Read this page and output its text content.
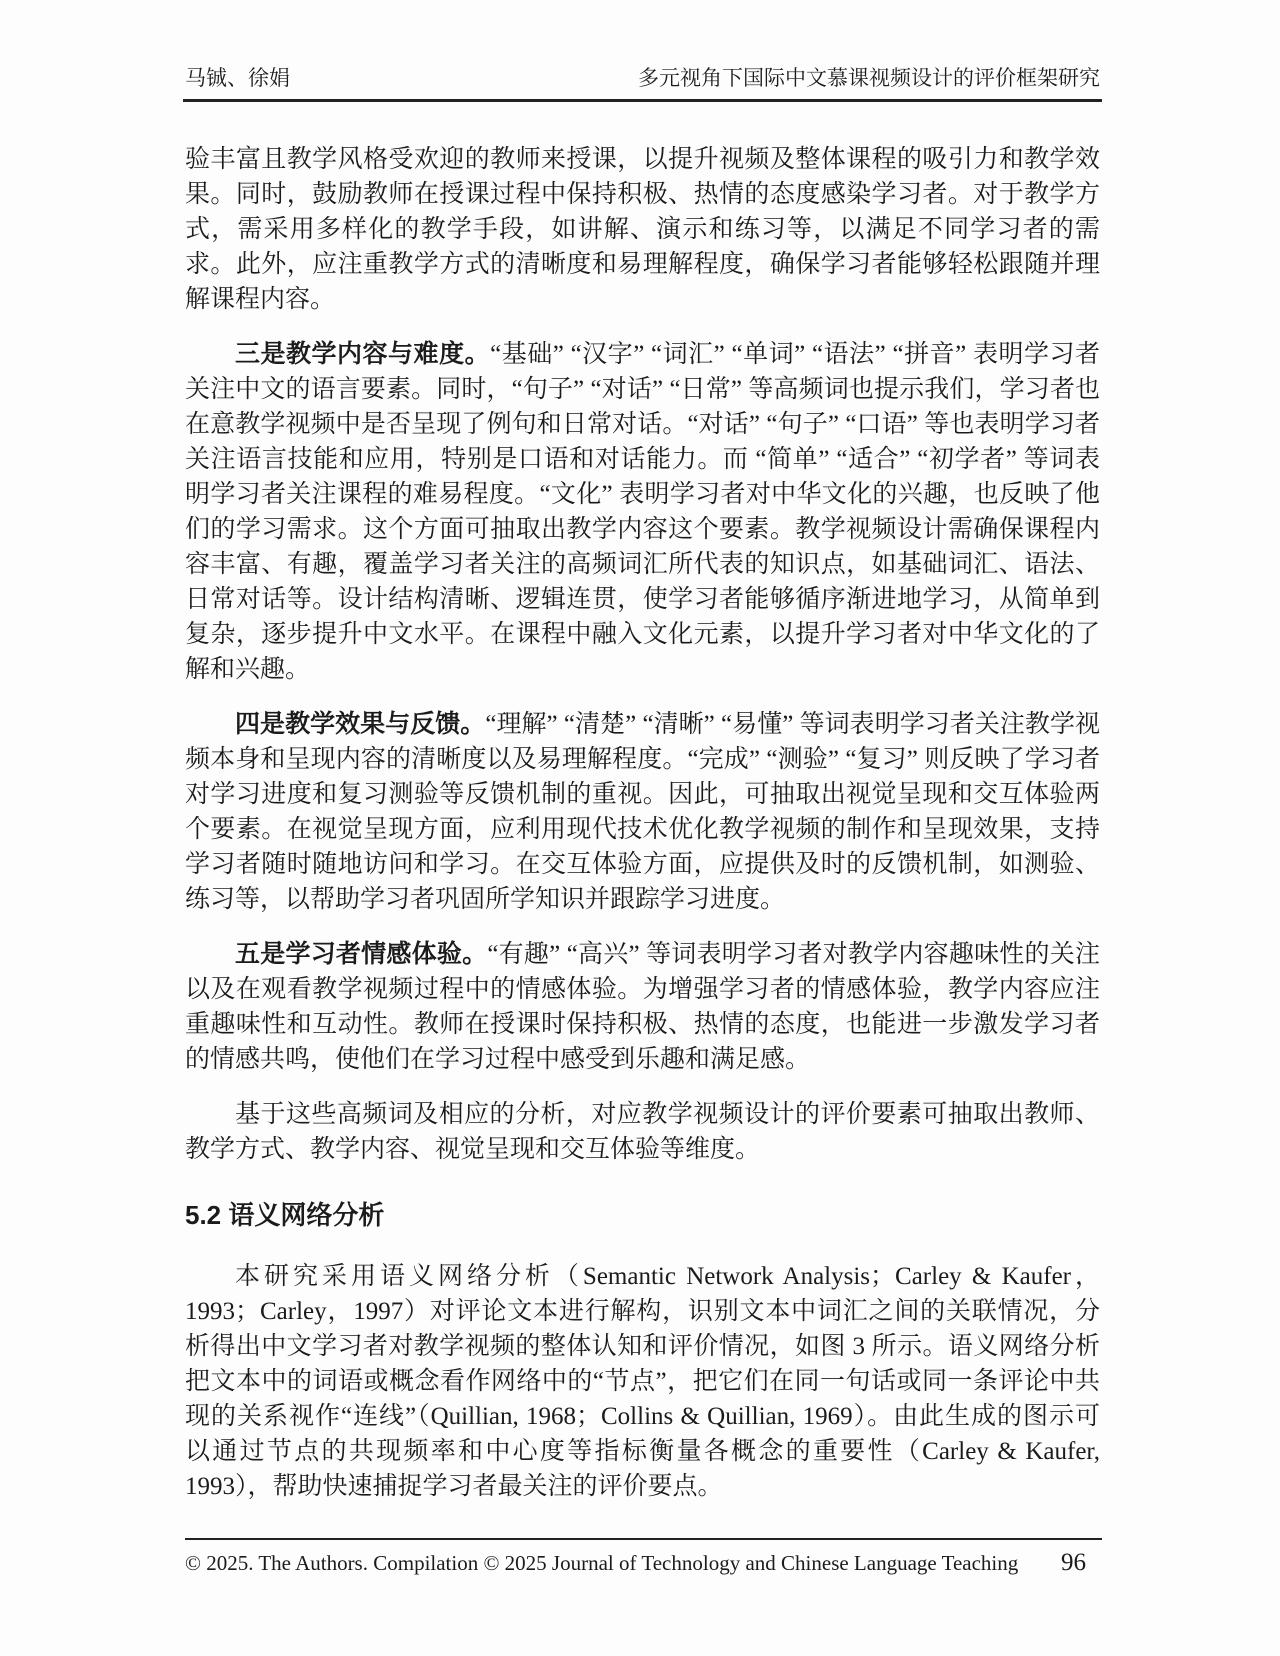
马铖、徐娟	多元视角下国际中文慕课视频设计的评价框架研究

验丰富且教学风格受欢迎的教师来授课，以提升视频及整体课程的吸引力和教学效果。同时，鼓励教师在授课过程中保持积极、热情的态度感染学习者。对于教学方式，需采用多样化的教学手段，如讲解、演示和练习等，以满足不同学习者的需求。此外，应注重教学方式的清晰度和易理解程度，确保学习者能够轻松跟随并理解课程内容。

三是教学内容与难度。“基础” “汉字” “词汇” “单词” “语法” “拼音” 表明学习者关注中文的语言要素。同时，“句子” “对话” “日常” 等高频词也提示我们，学习者也在意教学视频中是否呈现了例句和日常对话。“对话” “句子” “口语” 等也表明学习者关注语言技能和应用，特别是口语和对话能力。而 “简单” “适合” “初学者” 等词表明学习者关注课程的难易程度。“文化” 表明学习者对中华文化的兴趣，也反映了他们的学习需求。这个方面可抽取出教学内容这个要素。教学视频设计需确保课程内容丰富、有趣，覆盖学习者关注的高频词汇所代表的知识点，如基础词汇、语法、日常对话等。设计结构清晰、逻辑连贯，使学习者能够循序渐进地学习，从简单到复杂，逐步提升中文水平。在课程中融入文化元素，以提升学习者对中华文化的了解和兴趣。

四是教学效果与反馈。“理解” “清楚” “清晰” “易懂” 等词表明学习者关注教学视频本身和呈现内容的清晰度以及易理解程度。“完成” “测验” “复习” 则反映了学习者对学习进度和复习测验等反馈机制的重视。因此，可抽取出视觉呈现和交互体验两个要素。在视觉呈现方面，应利用现代技术优化教学视频的制作和呈现效果，支持学习者随时随地访问和学习。在交互体验方面，应提供及时的反馈机制，如测验、练习等，以帮助学习者巩固所学知识并跟踪学习进度。

五是学习者情感体验。“有趣” “高兴” 等词表明学习者对教学内容趣味性的关注以及在观看教学视频过程中的情感体验。为增强学习者的情感体验，教学内容应注重趣味性和互动性。教师在授课时保持积极、热情的态度，也能进一步激发学习者的情感共鸣，使他们在学习过程中感受到乐趣和满足感。

基于这些高频词及相应的分析，对应教学视频设计的评价要素可抽取出教师、教学方式、教学内容、视觉呈现和交互体验等维度。

5.2 语义网络分析

本研究采用语义网络分析（Semantic Network Analysis；Carley & Kaufer，1993；Carley，1997）对评论文本进行解构，识别文本中词汇之间的关联情况，分析得出中文学习者对教学视频的整体认知和评价情况，如图 3 所示。语义网络分析把文本中的词语或概念看作网络中的“节点”，把它们在同一句话或同一条评论中共现的关系视作“连线”（Quillian, 1968；Collins & Quillian, 1969）。由此生成的图示可以通过节点的共现频率和中心度等指标衡量各概念的重要性（Carley & Kaufer, 1993），帮助快速捕捉学习者最关注的评价要点。

© 2025. The Authors. Compilation © 2025 Journal of Technology and Chinese Language Teaching 96
